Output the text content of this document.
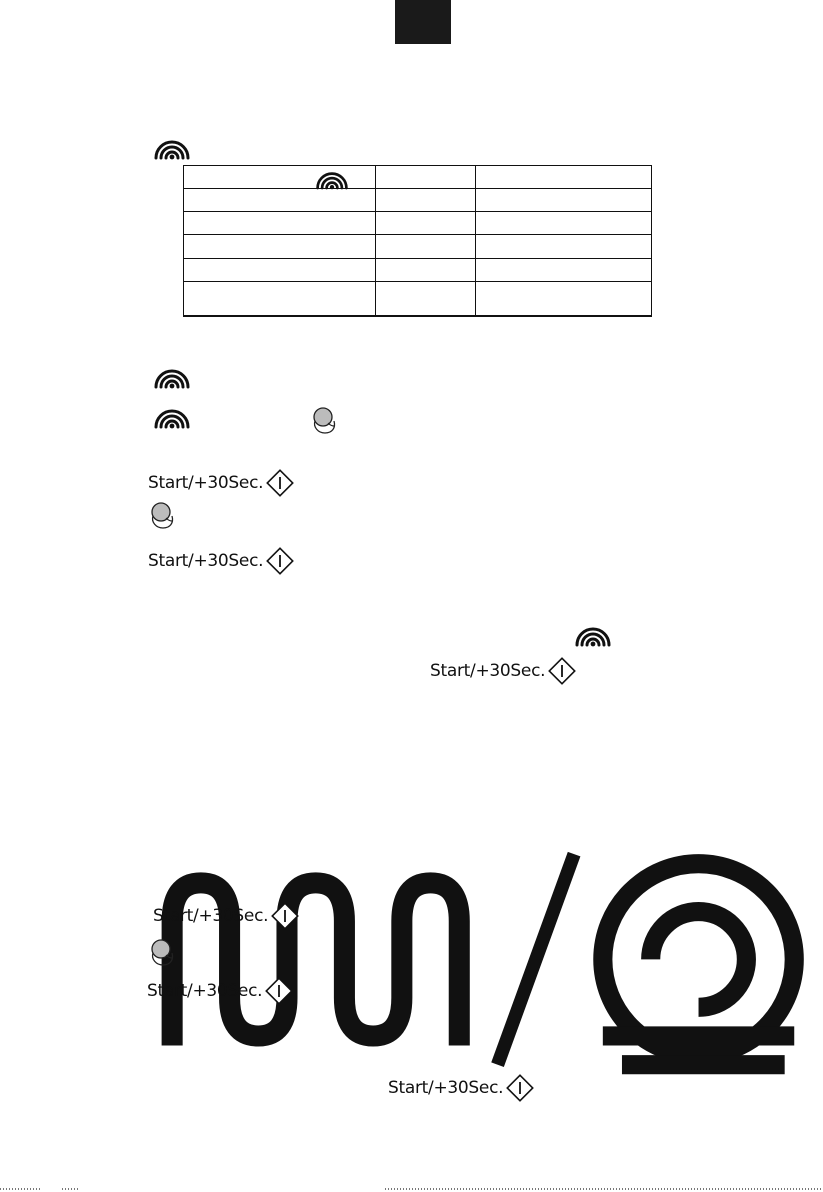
Start/+30Sec.
Start/+30Sec.
Start/+30Sec.
Start/+30Sec.
Start/+30Sec.
Start/+30Sec.
